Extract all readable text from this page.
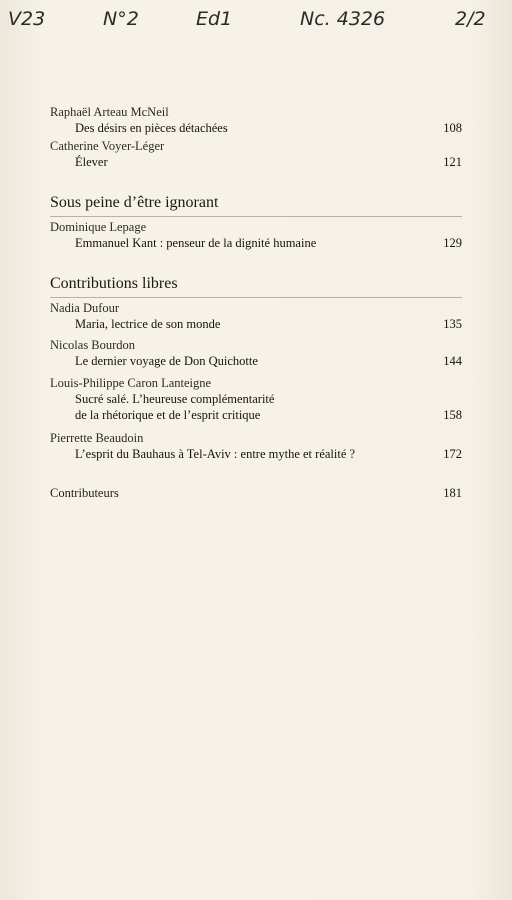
V23	N°2	Ed1	Nc. 4326	2/2
Raphaël Arteau McNeil
Des désirs en pièces détachées	108
Catherine Voyer-Léger
Élever	121
Sous peine d’être ignorant
Dominique Lepage
Emmanuel Kant : penseur de la dignité humaine	129
Contributions libres
Nadia Dufour
Maria, lectrice de son monde	135
Nicolas Bourdon
Le dernier voyage de Don Quichotte	144
Louis-Philippe Caron Lanteigne
Sucré salé. L’heureuse complémentarité
de la rhétorique et de l’esprit critique	158
Pierrette Beaudoin
L’esprit du Bauhaus à Tel-Aviv : entre mythe et réalité ?	172
Contributeurs	181
